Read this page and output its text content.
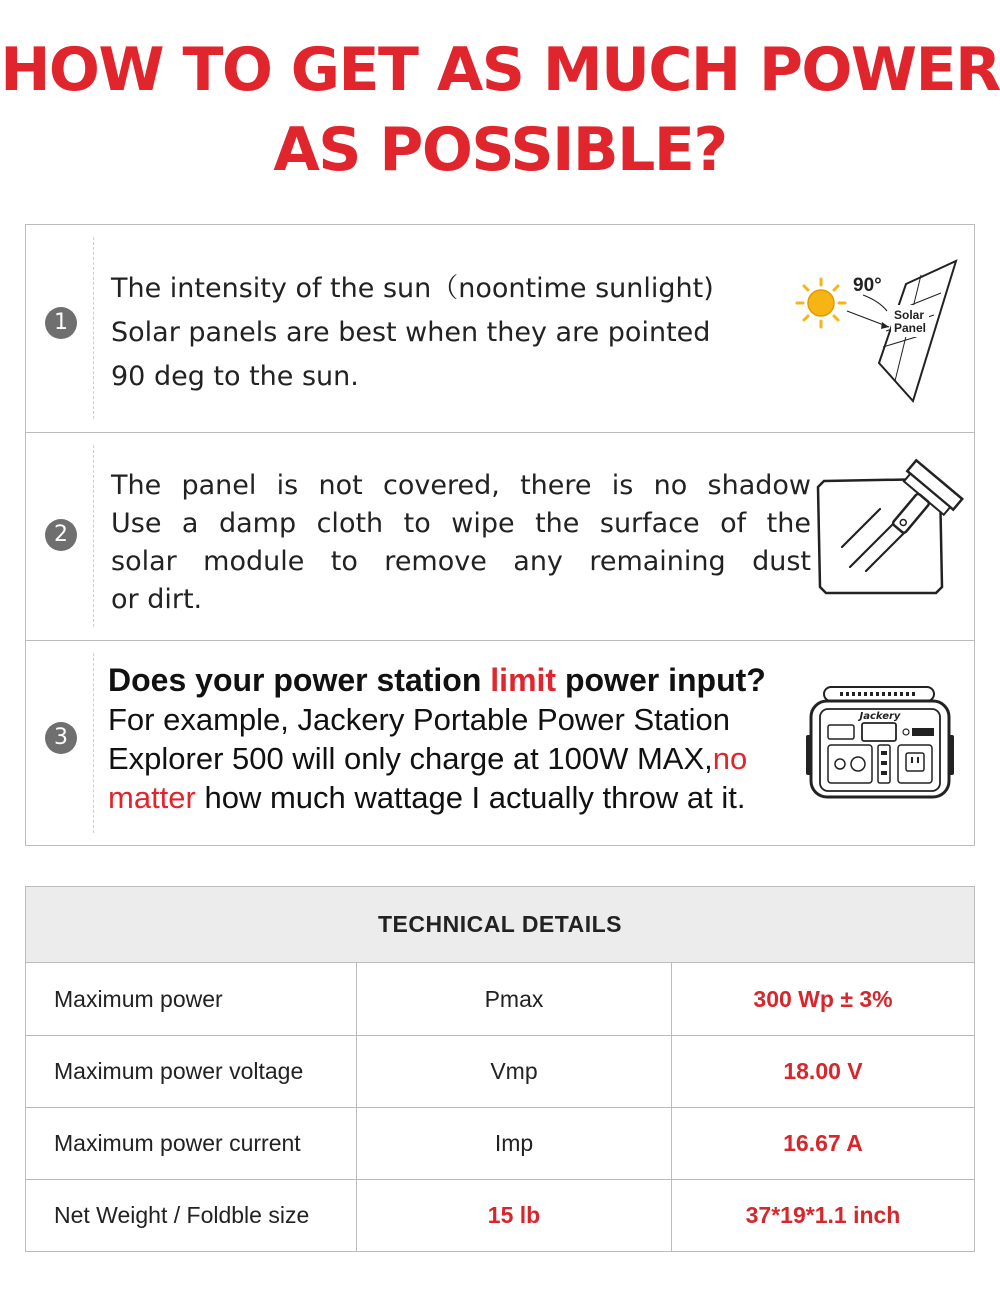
HOW TO GET AS MUCH POWER
AS POSSIBLE?
1
The intensity of the sun（noontime sunlight)
Solar panels are best when they are pointed
90 deg to the sun.
90°
Solar
Panel
2
The panel is not covered, there is no shadow
Use a damp cloth to wipe the surface of the
solar module to remove any remaining dust
or dirt.
3
Does your power station limit power input?
For example, Jackery Portable Power Station
Explorer 500 will only charge at 100W MAX,no
matter how much wattage I actually throw at it.
Jackery
TECHNICAL DETAILS
Maximum power	Pmax	300 Wp ± 3%
Maximum power voltage	Vmp	18.00 V
Maximum power current	Imp	16.67 A
Net Weight / Foldble size	15 lb	37*19*1.1 inch
